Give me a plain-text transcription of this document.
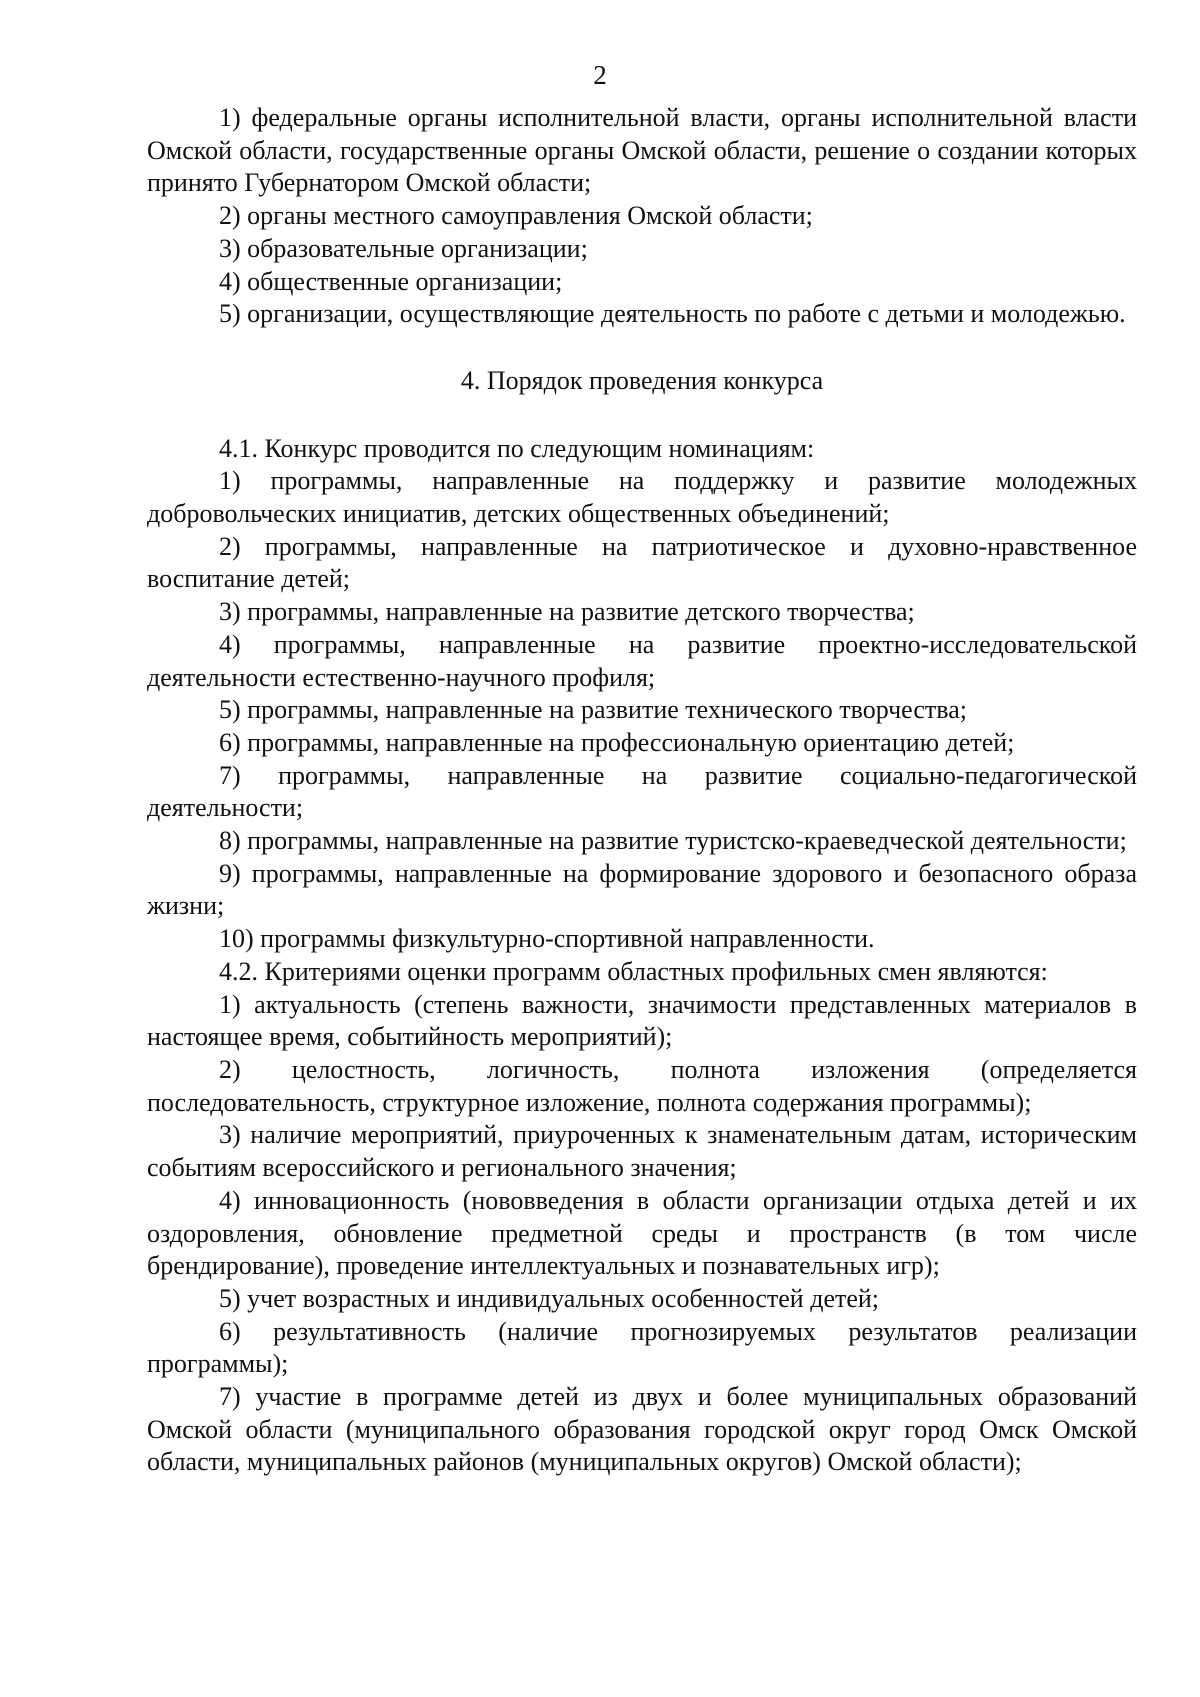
2

1) федеральные органы исполнительной власти, органы исполнительной власти Омской области, государственные органы Омской области, решение о создании которых принято Губернатором Омской области;

2) органы местного самоуправления Омской области;

3) образовательные организации;

4) общественные организации;

5) организации, осуществляющие деятельность по работе с детьми и молодежью.

4. Порядок проведения конкурса

4.1. Конкурс проводится по следующим номинациям:

1) программы, направленные на поддержку и развитие молодежных добровольческих инициатив, детских общественных объединений;

2) программы, направленные на патриотическое и духовно-нравственное воспитание детей;

3) программы, направленные на развитие детского творчества;

4) программы, направленные на развитие проектно-исследовательской деятельности естественно-научного профиля;

5) программы, направленные на развитие технического творчества;

6) программы, направленные на профессиональную ориентацию детей;

7) программы, направленные на развитие социально-педагогической деятельности;

8) программы, направленные на развитие туристско-краеведческой деятельности;

9) программы, направленные на формирование здорового и безопасного образа жизни;

10) программы физкультурно-спортивной направленности.

4.2. Критериями оценки программ областных профильных смен являются:

1) актуальность (степень важности, значимости представленных материалов в настоящее время, событийность мероприятий);

2) целостность, логичность, полнота изложения (определяется последовательность, структурное изложение, полнота содержания программы);

3) наличие мероприятий, приуроченных к знаменательным датам, историческим событиям всероссийского и регионального значения;

4) инновационность (нововведения в области организации отдыха детей и их оздоровления, обновление предметной среды и пространств (в том числе брендирование), проведение интеллектуальных и познавательных игр);

5) учет возрастных и индивидуальных особенностей детей;

6) результативность (наличие прогнозируемых результатов реализации программы);

7) участие в программе детей из двух и более муниципальных образований Омской области (муниципального образования городской округ город Омск Омской области, муниципальных районов (муниципальных округов) Омской области);
